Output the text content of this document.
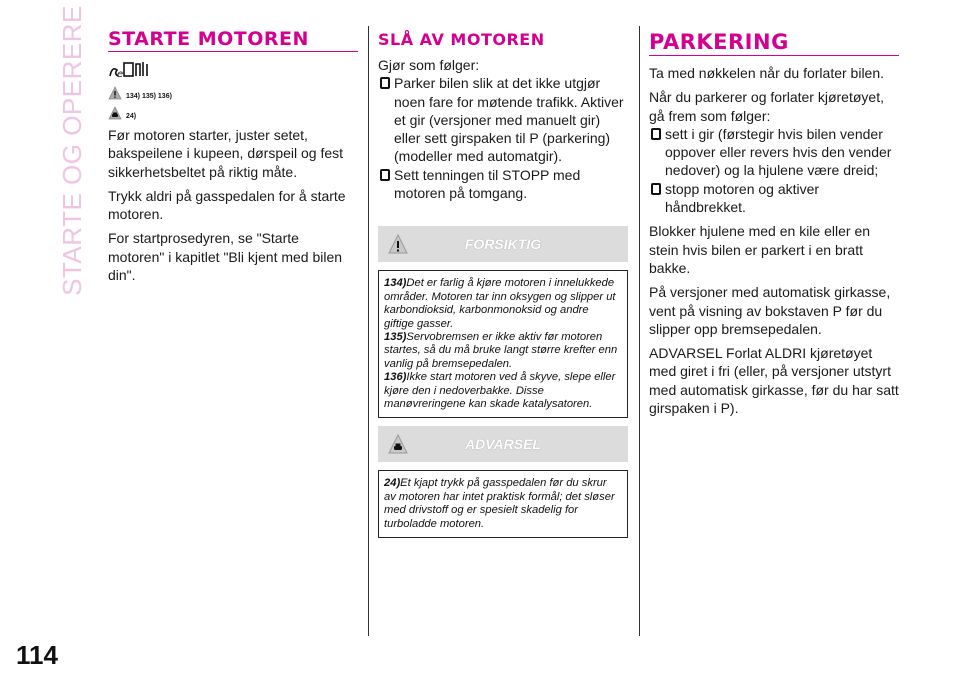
STARTE OG OPERERE
114
STARTE MOTOREN
e
134) 135) 136)
24)
Før motoren starter, juster setet, bakspeilene i kupeen, dørspeil og fest sikkerhetsbeltet på riktig måte.
Trykk aldri på gasspedalen for å starte motoren.
For startprosedyren, se "Starte motoren" i kapitlet "Bli kjent med bilen din".
SLÅ AV MOTOREN
Gjør som følger:
Parker bilen slik at det ikke utgjør noen fare for møtende trafikk. Aktiver et gir (versjoner med manuelt gir) eller sett girspaken til P (parkering) (modeller med automatgir).
Sett tenningen til STOPP med motoren på tomgang.
FORSIKTIG
134)Det er farlig å kjøre motoren i innelukkede områder. Motoren tar inn oksygen og slipper ut karbondioksid, karbonmonoksid og andre giftige gasser.
135)Servobremsen er ikke aktiv før motoren startes, så du må bruke langt større krefter enn vanlig på bremsepedalen.
136)Ikke start motoren ved å skyve, slepe eller kjøre den i nedoverbakke. Disse manøvreringene kan skade katalysatoren.
ADVARSEL
24)Et kjapt trykk på gasspedalen før du skrur av motoren har intet praktisk formål; det sløser med drivstoff og er spesielt skadelig for turboladde motoren.
PARKERING
Ta med nøkkelen når du forlater bilen.
Når du parkerer og forlater kjøretøyet, gå frem som følger:
sett i gir (førstegir hvis bilen vender oppover eller revers hvis den vender nedover) og la hjulene være dreid;
stopp motoren og aktiver håndbrekket.
Blokker hjulene med en kile eller en stein hvis bilen er parkert i en bratt bakke.
På versjoner med automatisk girkasse, vent på visning av bokstaven P før du slipper opp bremsepedalen.
ADVARSEL Forlat ALDRI kjøretøyet med giret i fri (eller, på versjoner utstyrt med automatisk girkasse, før du har satt girspaken i P).
